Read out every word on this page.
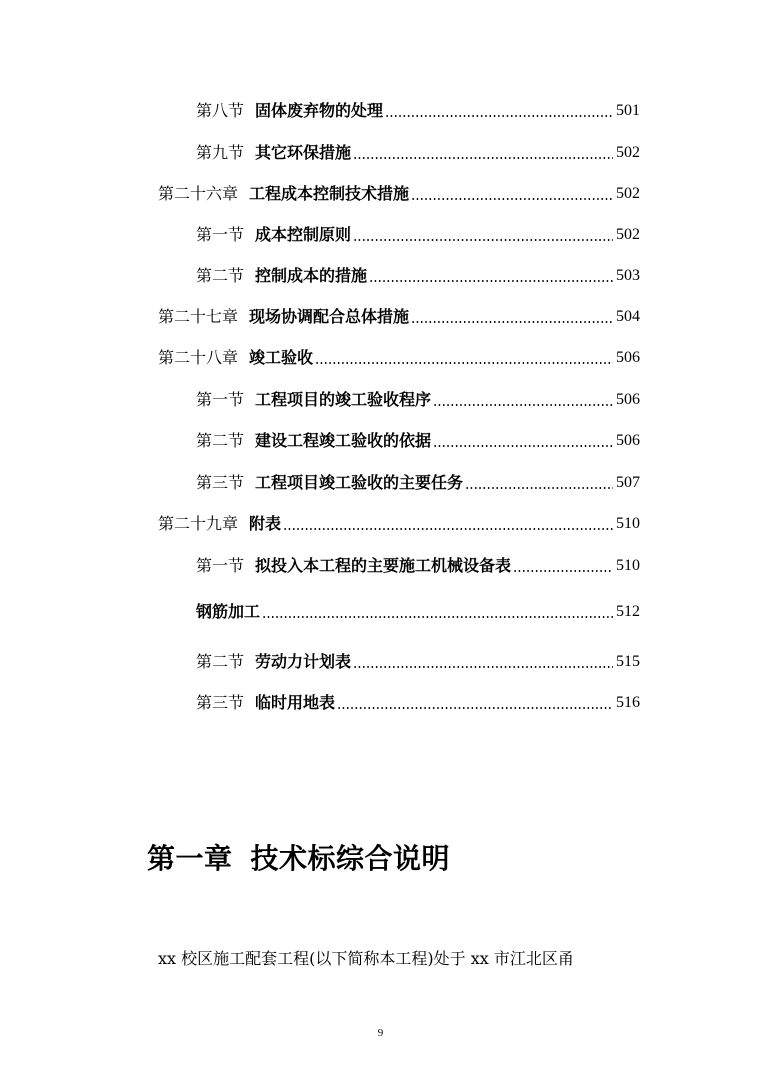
第八节 固体废弃物的处理	501
第九节 其它环保措施	502
第二十六章 工程成本控制技术措施	502
第一节 成本控制原则	502
第二节 控制成本的措施	503
第二十七章 现场协调配合总体措施	504
第二十八章 竣工验收	506
第一节 工程项目的竣工验收程序	506
第二节 建设工程竣工验收的依据	506
第三节 工程项目竣工验收的主要任务	507
第二十九章 附表	510
第一节 拟投入本工程的主要施工机械设备表	510
钢筋加工	512
第二节 劳动力计划表	515
第三节 临时用地表	516
第一章 技术标综合说明

xx 校区施工配套工程(以下简称本工程)处于 xx 市江北区甬

9
